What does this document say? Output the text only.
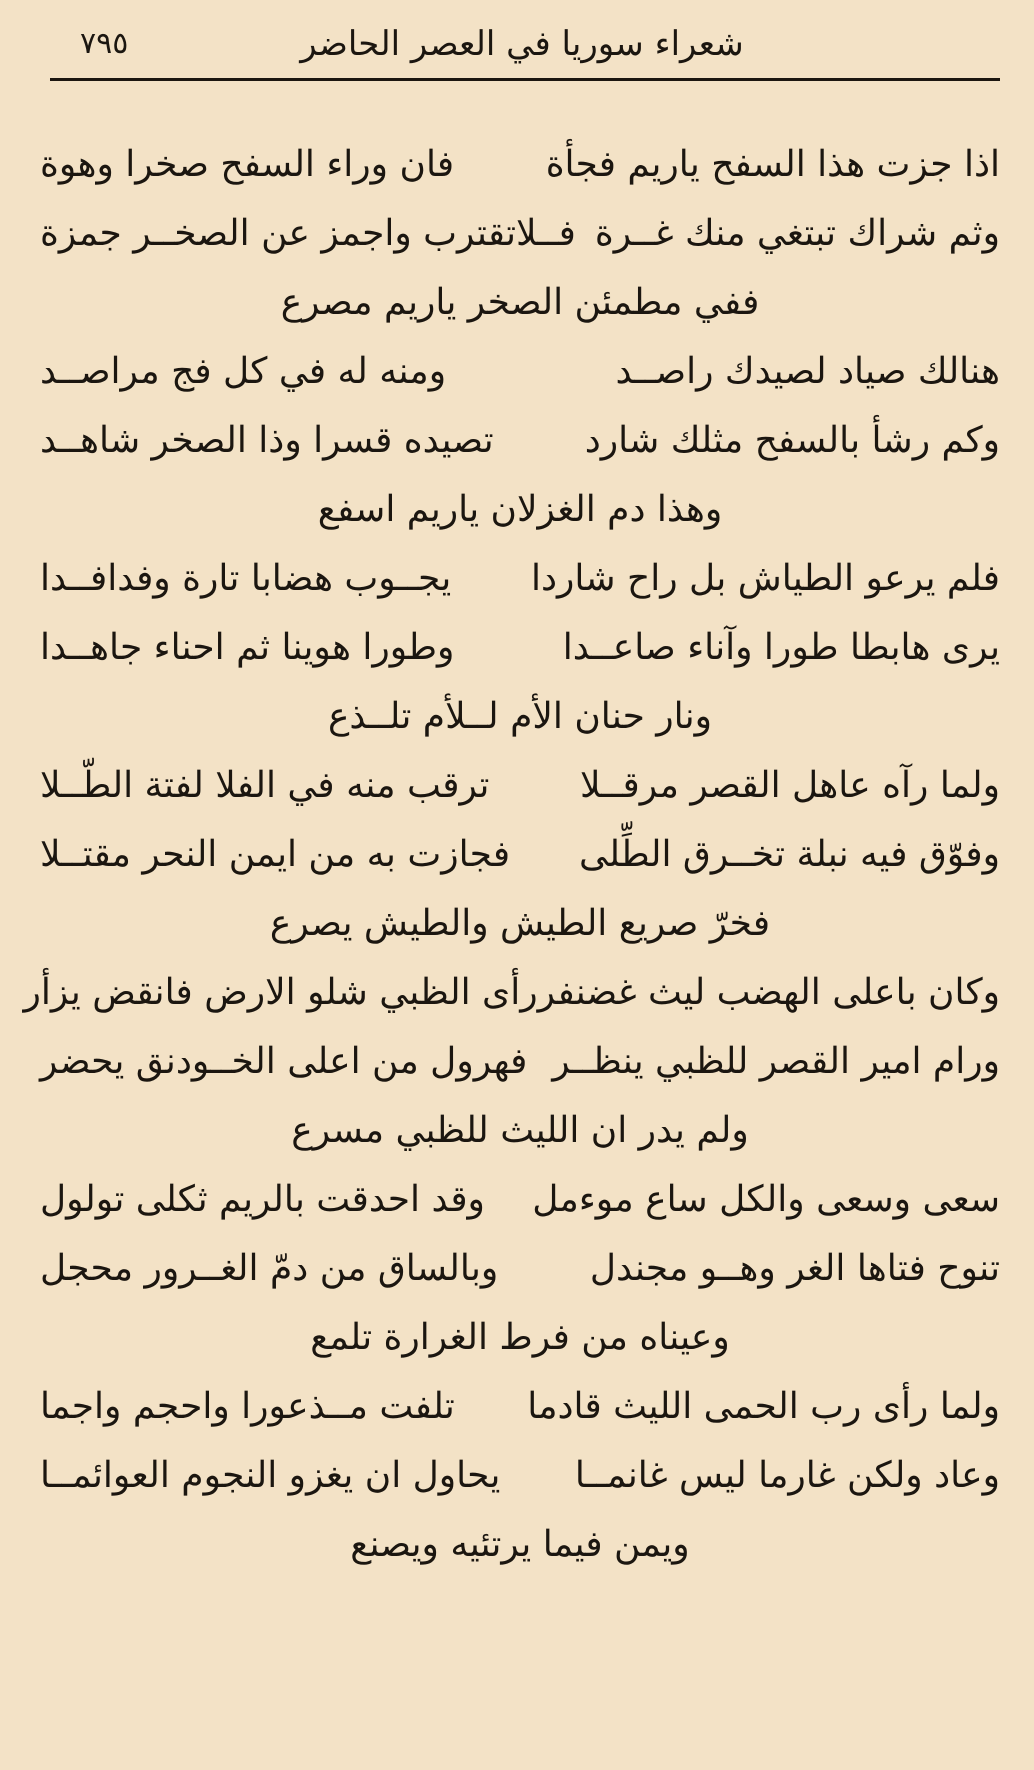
٧٩٥	شعراء سوريا في العصر الحاضر
اذا جزت هذا السفح ياريم فجأة
فان وراء السفح صخرا وهوة
وثم شراك تبتغي منك غــرة
فــلاتقترب واجمز عن الصخــر جمزة
ففي مطمئن الصخر ياريم مصرع
هنالك صياد لصيدك راصــد
ومنه له في كل فج مراصــد
وكم رشأ بالسفح مثلك شارد
تصيده قسرا وذا الصخر شاهــد
وهذا دم الغزلان ياريم اسفع
فلم يرعو الطياش بل راح شاردا
يجــوب هضابا تارة وفدافــدا
يرى هابطا طورا وآناء صاعــدا
وطورا هوينا ثم احناء جاهــدا
ونار حنان الأم لــلأم تلــذع
ولما رآه عاهل القصر مرقــلا
ترقب منه في الفلا لفتة الطّــلا
وفوّق فيه نبلة تخــرق الطِّلى
فجازت به من ايمن النحر مقتــلا
فخرّ صريع الطيش والطيش يصرع
وكان باعلى الهضب ليث غضنفر
رأى الظبي شلو الارض فانقض يزأر
ورام امير القصر للظبي ينظــر
فهرول من اعلى الخــودنق يحضر
ولم يدر ان الليث للظبي مسرع
سعى وسعى والكل ساع موءمل
وقد احدقت بالريم ثكلى تولول
تنوح فتاها الغر وهــو مجندل
وبالساق من دمّ الغــرور محجل
وعيناه من فرط الغرارة تلمع
ولما رأى رب الحمى الليث قادما
تلفت مــذعورا واحجم واجما
وعاد ولكن غارما ليس غانمــا
يحاول ان يغزو النجوم العوائمــا
ويمن فيما يرتئيه ويصنع
